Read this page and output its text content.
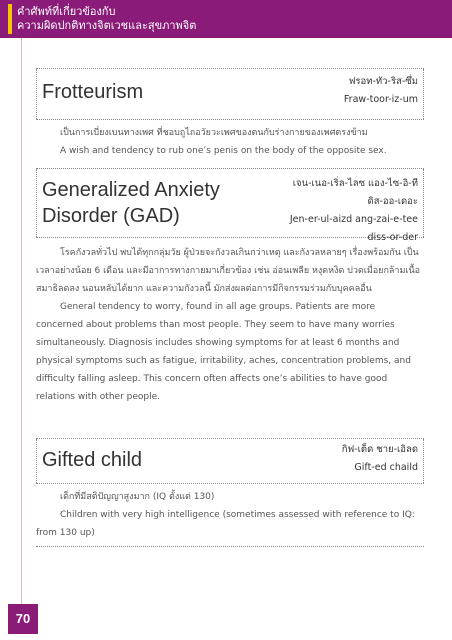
คำศัพท์ที่เกี่ยวข้องกับ
ความผิดปกติทางจิตเวชและสุขภาพจิต
Frotteurism	ฟรอท-ทัว-ริส-ซึ่ม
Fraw-toor-iz-um

เป็นการเบี่ยงเบนทางเพศ ที่ชอบถูไถอวัยวะเพศของตนกับร่างกายของเพศตรงข้าม

A wish and tendency to rub one’s penis on the body of the opposite sex.

Generalized Anxiety
Disorder (GAD)
เจน-เนอ-เริ่ล-ไลซ แอง-ไซ-อิ-ที
ดิส-ออ-เดอะ
Jen-er-ul-aizd ang-zai-e-tee
diss-or-der

โรคกังวลทั่วไป พบได้ทุกกลุ่มวัย ผู้ป่วยจะกังวลเกินกว่าเหตุ และกังวลหลายๆ เรื่องพร้อมกัน เป็นเวลาอย่างน้อย 6 เดือน และมีอาการทางกายมาเกี่ยวข้อง เช่น อ่อนเพลีย หงุดหงิด ปวดเมื่อยกล้ามเนื้อ สมาธิลดลง นอนหลับได้ยาก และความกังวลนี้ มักส่งผลต่อการมีกิจกรรมร่วมกับบุคคลอื่น

General tendency to worry, found in all age groups. Patients are more concerned about problems than most people. They seem to have many worries simultaneously. Diagnosis includes showing symptoms for at least 6 months and physical symptoms such as fatigue, irritability, aches, concentration problems, and difficulty falling asleep. This concern often affects one’s abilities to have good relations with other people.

Gifted child	กิฟ-เต็ด ชาย-เอิลด
Gift-ed chaild

เด็กที่มีสติปัญญาสูงมาก (IQ ตั้งแต่ 130)

Children with very high intelligence (sometimes assessed with reference to IQ: from 130 up)

70
